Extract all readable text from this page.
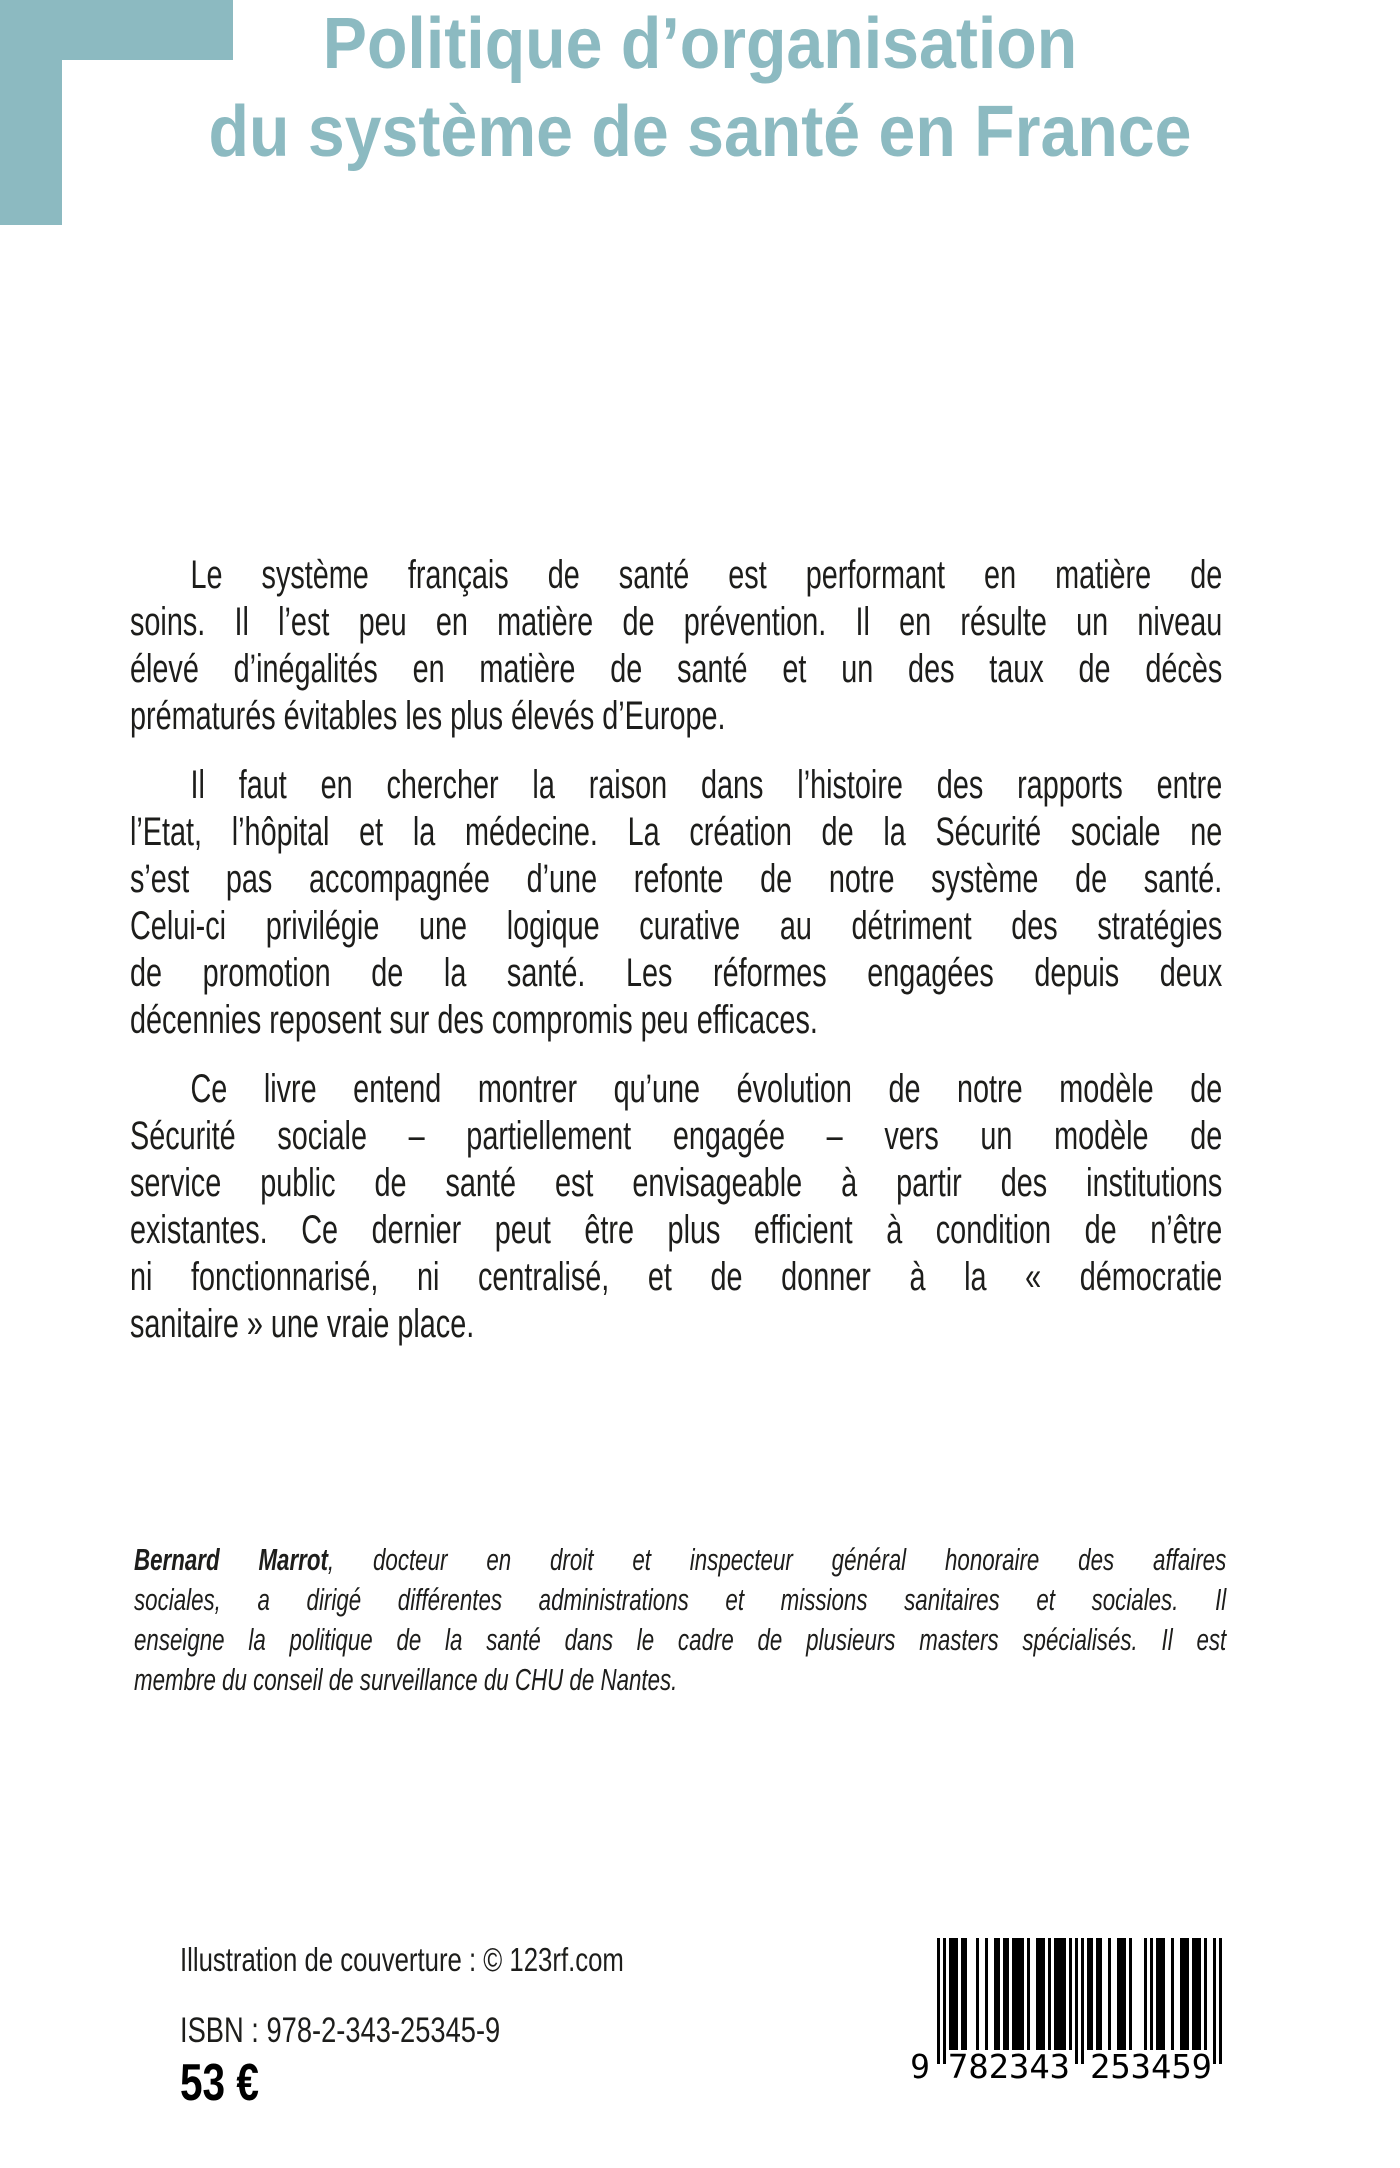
Politique d’organisation
du système de santé en France
Le système français de santé est performant en matière de
soins. Il l’est peu en matière de prévention. Il en résulte un niveau
élevé d’inégalités en matière de santé et un des taux de décès
prématurés évitables les plus élevés d’Europe.
Il faut en chercher la raison dans l’histoire des rapports entre
l’Etat, l’hôpital et la médecine. La création de la Sécurité sociale ne
s’est pas accompagnée d’une refonte de notre système de santé.
Celui-ci privilégie une logique curative au détriment des stratégies
de promotion de la santé. Les réformes engagées depuis deux
décennies reposent sur des compromis peu efficaces.
Ce livre entend montrer qu’une évolution de notre modèle de
Sécurité sociale – partiellement engagée – vers un modèle de
service public de santé est envisageable à partir des institutions
existantes. Ce dernier peut être plus efficient à condition de n’être
ni fonctionnarisé, ni centralisé, et de donner à la « démocratie
sanitaire » une vraie place.
Bernard Marrot, docteur en droit et inspecteur général honoraire des affaires
sociales, a dirigé différentes administrations et missions sanitaires et sociales. Il
enseigne la politique de la santé dans le cadre de plusieurs masters spécialisés. Il est
membre du conseil de surveillance du CHU de Nantes.
Illustration de couverture : © 123rf.com
ISBN : 978-2-343-25345-9
53 €	9 782343 253459
